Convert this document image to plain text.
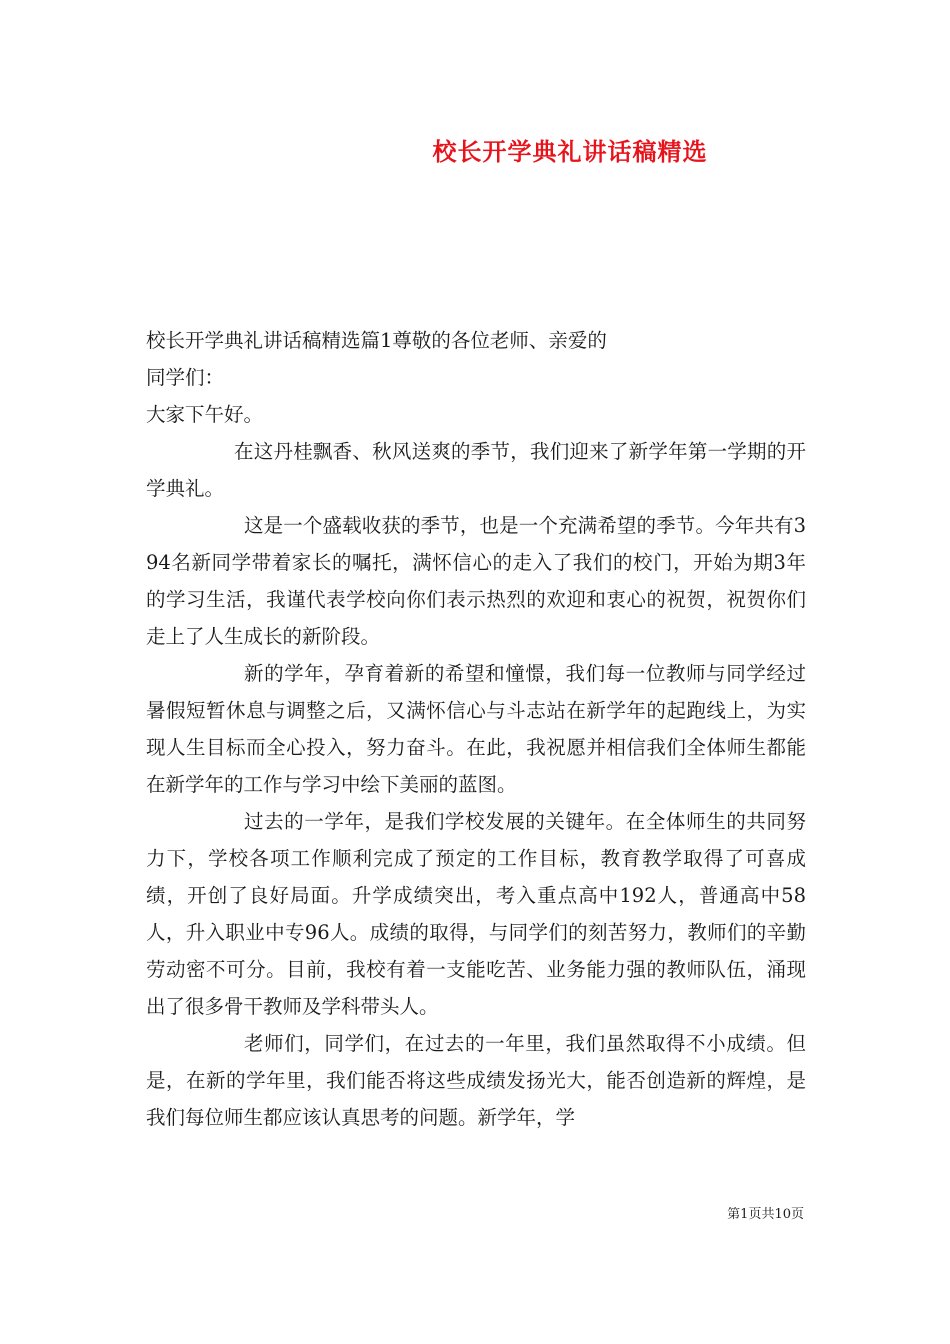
校长开学典礼讲话稿精选

校长开学典礼讲话稿精选篇1尊敬的各位老师、亲爱的

同学们：

大家下午好。

在这丹桂飘香、秋风送爽的季节，我们迎来了新学年第一学期的开学典礼。

这是一个盛载收获的季节，也是一个充满希望的季节。今年共有394名新同学带着家长的嘱托，满怀信心的走入了我们的校门，开始为期3年的学习生活，我谨代表学校向你们表示热烈的欢迎和衷心的祝贺，祝贺你们走上了人生成长的新阶段。

新的学年，孕育着新的希望和憧憬，我们每一位教师与同学经过暑假短暂休息与调整之后，又满怀信心与斗志站在新学年的起跑线上，为实现人生目标而全心投入，努力奋斗。在此，我祝愿并相信我们全体师生都能在新学年的工作与学习中绘下美丽的蓝图。

过去的一学年，是我们学校发展的关键年。在全体师生的共同努力下，学校各项工作顺利完成了预定的工作目标，教育教学取得了可喜成绩，开创了良好局面。升学成绩突出，考入重点高中192人，普通高中58人，升入职业中专96人。成绩的取得，与同学们的刻苦努力，教师们的辛勤劳动密不可分。目前，我校有着一支能吃苦、业务能力强的教师队伍，涌现出了很多骨干教师及学科带头人。

老师们，同学们，在过去的一年里，我们虽然取得不小成绩。但是，在新的学年里，我们能否将这些成绩发扬光大，能否创造新的辉煌，是我们每位师生都应该认真思考的问题。新学年，学

第1页共10页
